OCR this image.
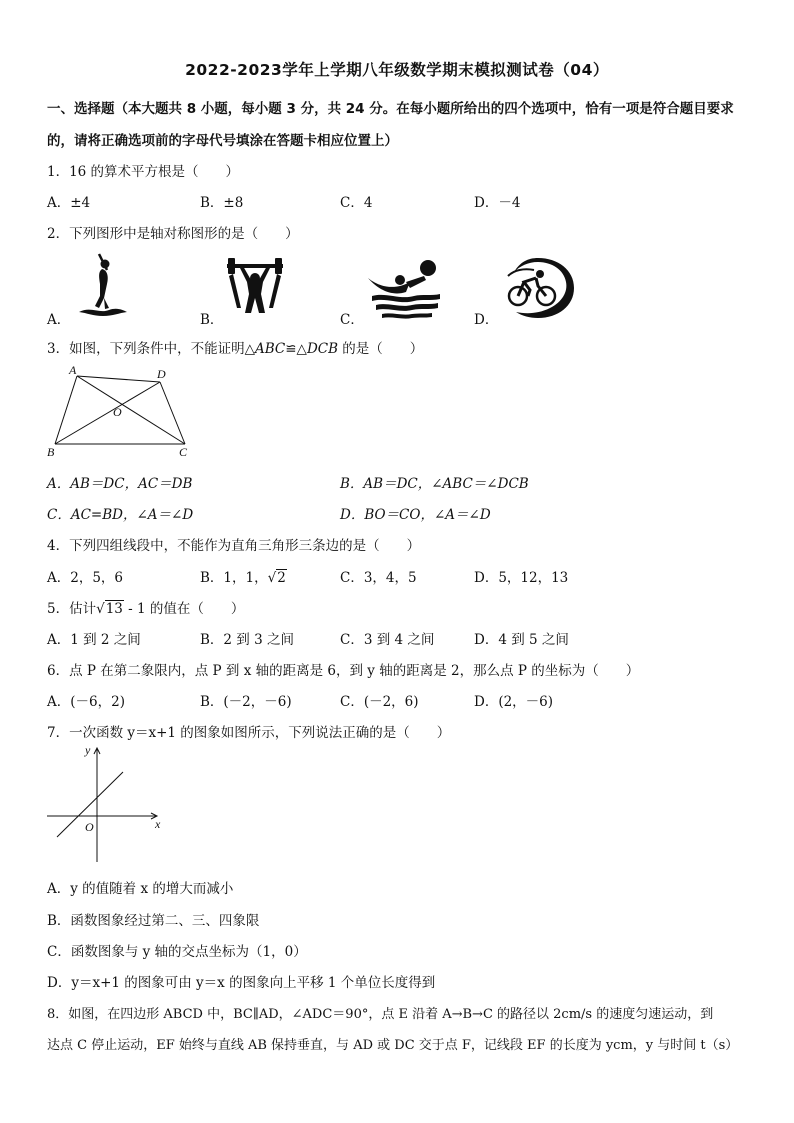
2022-2023学年上学期八年级数学期末模拟测试卷（04）
一、选择题（本大题共 8 小题，每小题 3 分，共 24 分。在每小题所给出的四个选项中，恰有一项是符合题目要求
的，请将正确选项前的字母代号填涂在答题卡相应位置上）
1．16 的算术平方根是（　　）
A．±4	B．±8	C．4	D．－4
2．下列图形中是轴对称图形的是（　　）
A．	B．	C．	D．
3．如图，下列条件中，不能证明△ABC≌△DCB 的是（　　）
A	D
O
B	C
A．AB＝DC，AC＝DB	B．AB＝DC，∠ABC＝∠DCB
C．AC=BD，∠A＝∠D	D．BO＝CO，∠A＝∠D
4．下列四组线段中，不能作为直角三角形三条边的是（　　）
A．2，5，6	B．1，1，√2	C．3，4，5	D．5，12，13
5．估计√13 - 1 的值在（　　）
A．1 到 2 之间	B．2 到 3 之间	C．3 到 4 之间	D．4 到 5 之间
6．点 P 在第二象限内，点 P 到 x 轴的距离是 6，到 y 轴的距离是 2，那么点 P 的坐标为（　　）
A．(－6，2)	B．(－2，－6)	C．(－2，6)	D．(2，－6)
7．一次函数 y＝x+1 的图象如图所示，下列说法正确的是（　　）
y
x
O
A．y 的值随着 x 的增大而减小
B．函数图象经过第二、三、四象限
C．函数图象与 y 轴的交点坐标为（1，0）
D．y＝x+1 的图象可由 y＝x 的图象向上平移 1 个单位长度得到
8．如图，在四边形 ABCD 中，BC∥AD，∠ADC＝90°，点 E 沿着 A→B→C 的路径以 2cm/s 的速度匀速运动，到
达点 C 停止运动，EF 始终与直线 AB 保持垂直，与 AD 或 DC 交于点 F，记线段 EF 的长度为 ycm，y 与时间 t（s）
